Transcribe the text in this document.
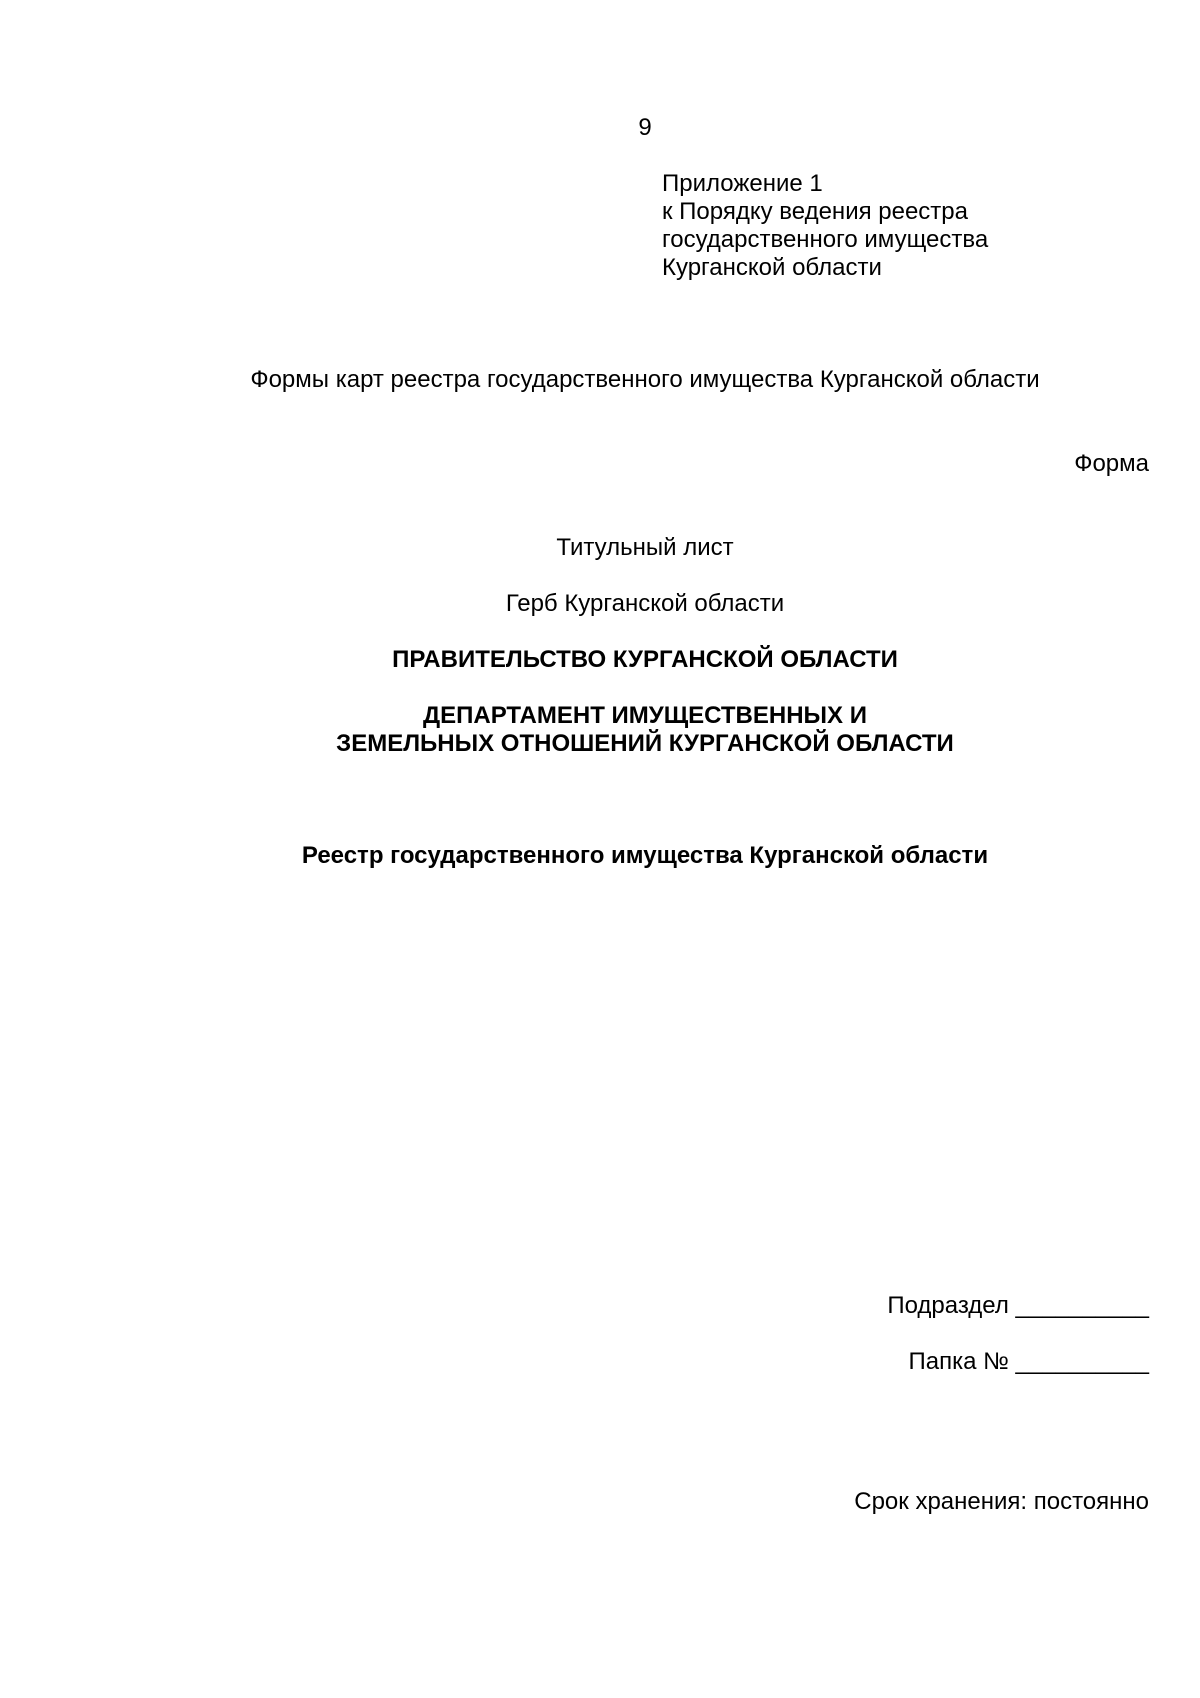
9
Приложение 1
к Порядку ведения реестра
государственного имущества
Курганской области
Формы карт реестра государственного имущества Курганской области
Форма
Титульный лист
Герб Курганской области
ПРАВИТЕЛЬСТВО КУРГАНСКОЙ ОБЛАСТИ
ДЕПАРТАМЕНТ ИМУЩЕСТВЕННЫХ И
ЗЕМЕЛЬНЫХ ОТНОШЕНИЙ КУРГАНСКОЙ ОБЛАСТИ
Реестр государственного имущества Курганской области
Подраздел __________
Папка № __________
Срок хранения: постоянно
